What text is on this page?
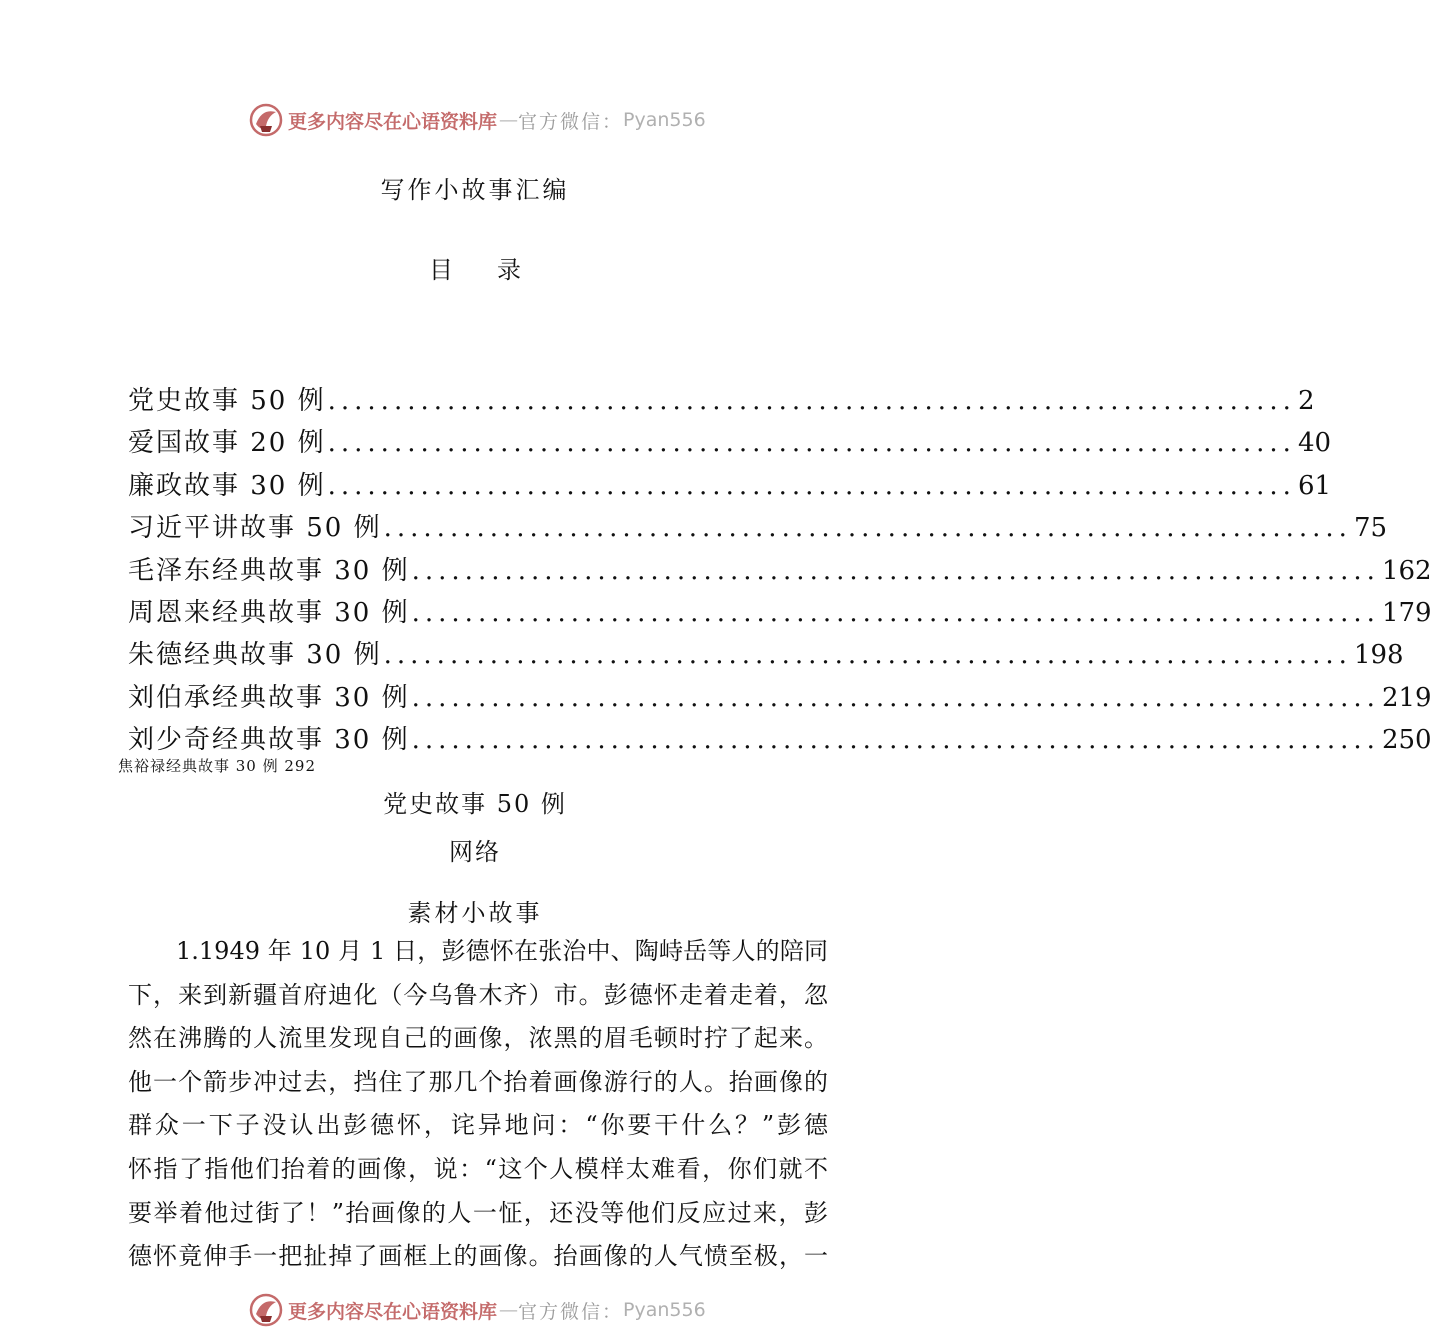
更多内容尽在心语资料库 — 官方微信： Pyan556
写作小故事汇编
目 录
党史故事 50 例 ......................................................................... 2
爱国故事 20 例 ......................................................................... 40
廉政故事 30 例 ......................................................................... 61
习近平讲故事 50 例 ......................................................................... 75
毛泽东经典故事 30 例 ......................................................................... 162
周恩来经典故事 30 例 ......................................................................... 179
朱德经典故事 30 例 ......................................................................... 198
刘伯承经典故事 30 例 ......................................................................... 219
刘少奇经典故事 30 例 ......................................................................... 250
焦裕禄经典故事 30 例 292
党史故事 50 例
网络
素材小故事
1.1949 年 10 月 1 日，彭德怀在张治中、陶峙岳等人的陪同
下，来到新疆首府迪化（今乌鲁木齐）市。彭德怀走着走着，忽
然在沸腾的人流里发现自己的画像，浓黑的眉毛顿时拧了起来。
他一个箭步冲过去，挡住了那几个抬着画像游行的人。抬画像的
群众一下子没认出彭德怀，诧异地问：“你要干什么？”彭德
怀指了指他们抬着的画像，说：“这个人模样太难看，你们就不
要举着他过街了！”抬画像的人一怔，还没等他们反应过来，彭
德怀竟伸手一把扯掉了画框上的画像。抬画像的人气愤至极，一
更多内容尽在心语资料库 — 官方微信： Pyan556
